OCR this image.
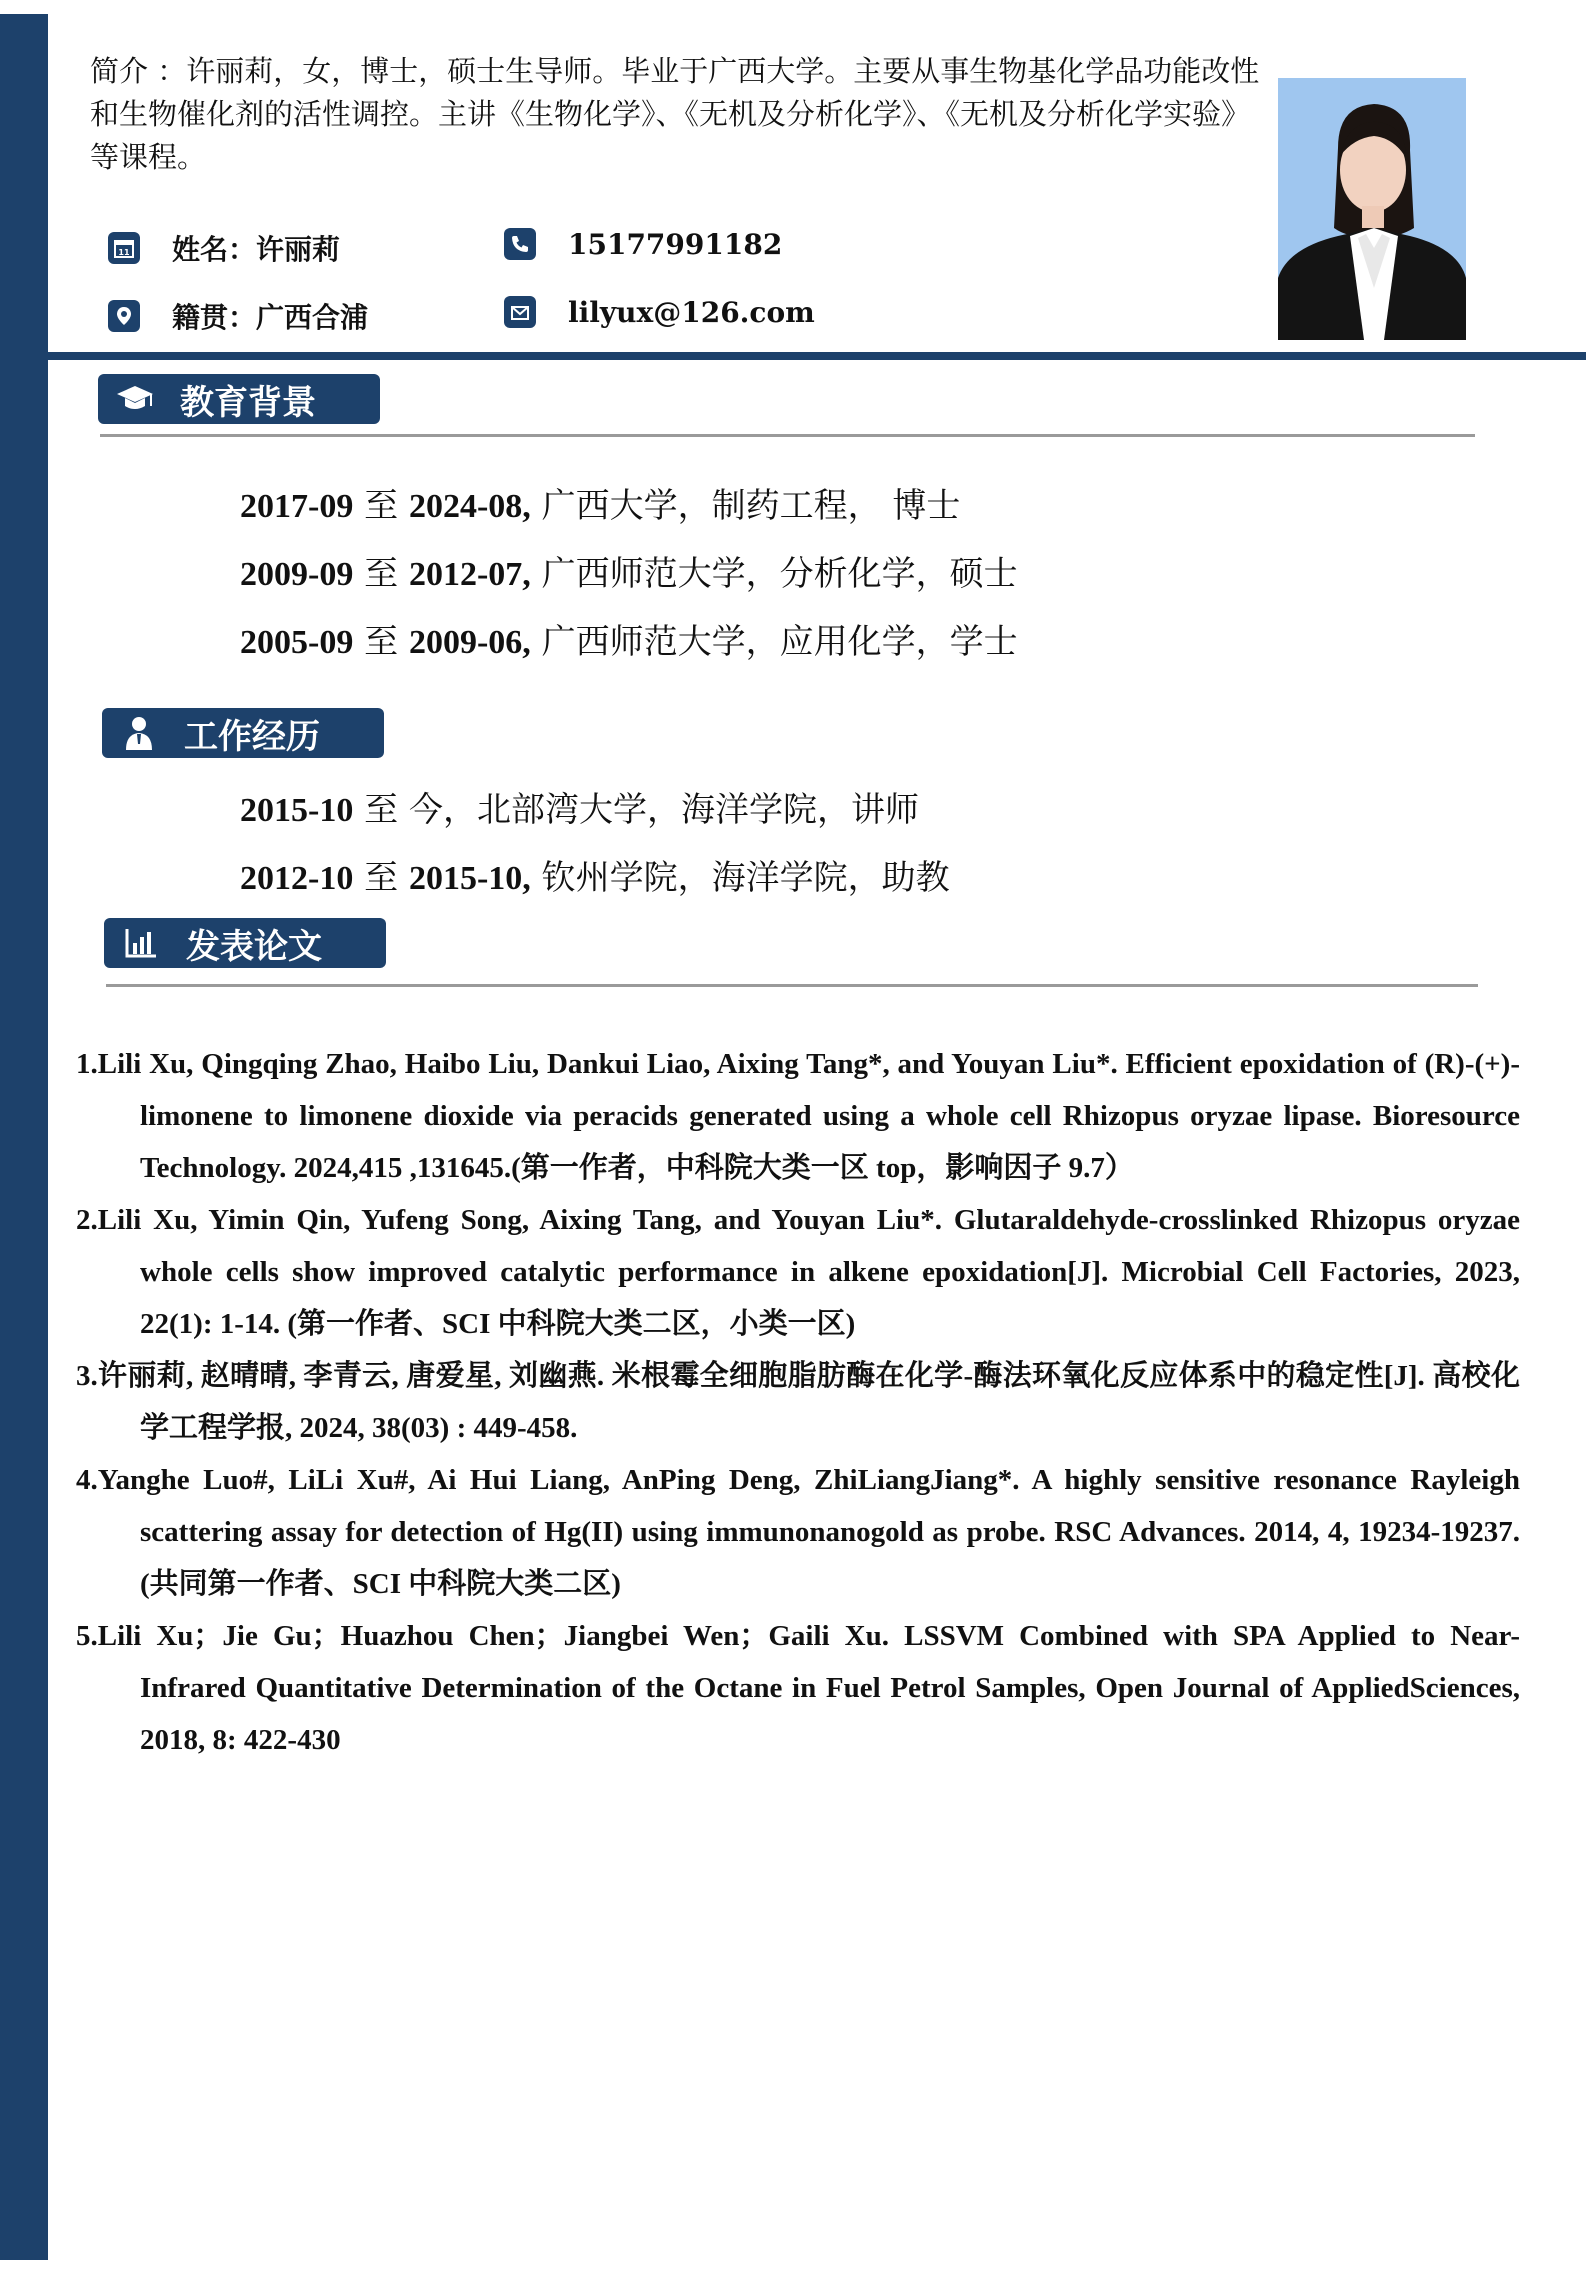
简介 ：许丽莉，女，博士，硕士生导师。毕业于广西大学。主要从事生物基化学品功能改性和生物催化剂的活性调控。主讲《生物化学》、《无机及分析化学》、《无机及分析化学实验》等课程。
11 姓名：许丽莉
籍贯：广西合浦
15177991182
lilyux@126.com
教育背景
2017-09 至 2024-08, 广西大学，制药工程， 博士
2009-09 至 2012-07, 广西师范大学，分析化学，硕士
2005-09 至 2009-06, 广西师范大学，应用化学，学士
工作经历
2015-10 至 今，北部湾大学，海洋学院，讲师
2012-10 至 2015-10, 钦州学院，海洋学院，助教
发表论文
1.Lili Xu, Qingqing Zhao, Haibo Liu, Dankui Liao, Aixing Tang*, and Youyan Liu*. Efficient epoxidation of (R)-(+)-limonene to limonene dioxide via peracids generated using a whole cell Rhizopus oryzae lipase. Bioresource Technology. 2024,415 ,131645.(第一作者，中科院大类一区 top，影响因子 9.7）
2.Lili Xu, Yimin Qin, Yufeng Song, Aixing Tang, and Youyan Liu*. Glutaraldehyde-crosslinked Rhizopus oryzae whole cells show improved catalytic performance in alkene epoxidation[J]. Microbial Cell Factories, 2023, 22(1): 1-14. (第一作者、SCI 中科院大类二区，小类一区)
3.许丽莉, 赵晴晴, 李青云, 唐爱星, 刘幽燕. 米根霉全细胞脂肪酶在化学-酶法环氧化反应体系中的稳定性[J]. 高校化学工程学报, 2024, 38(03) : 449-458.
4.Yanghe Luo#, LiLi Xu#, Ai Hui Liang, AnPing Deng, ZhiLiangJiang*. A highly sensitive resonance Rayleigh scattering assay for detection of Hg(II) using immunonanogold as probe. RSC Advances. 2014, 4, 19234-19237. (共同第一作者、SCI 中科院大类二区)
5.Lili Xu；Jie Gu；Huazhou Chen；Jiangbei Wen；Gaili Xu. LSSVM Combined with SPA Applied to Near-Infrared Quantitative Determination of the Octane in Fuel Petrol Samples, Open Journal of AppliedSciences, 2018, 8: 422-430
